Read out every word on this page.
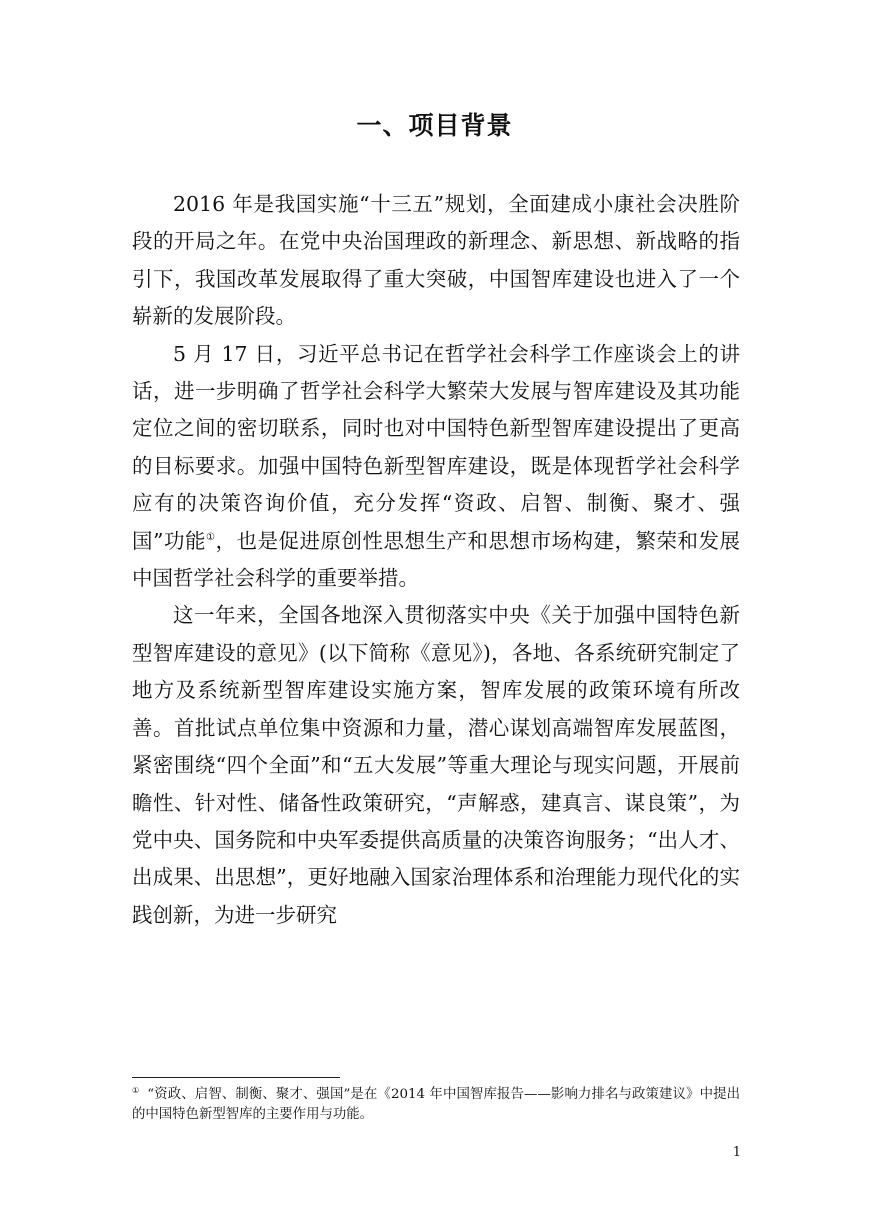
一、项目背景

2016 年是我国实施“十三五”规划，全面建成小康社会决胜阶段的开局之年。在党中央治国理政的新理念、新思想、新战略的指引下，我国改革发展取得了重大突破，中国智库建设也进入了一个崭新的发展阶段。

5 月 17 日，习近平总书记在哲学社会科学工作座谈会上的讲话，进一步明确了哲学社会科学大繁荣大发展与智库建设及其功能定位之间的密切联系，同时也对中国特色新型智库建设提出了更高的目标要求。加强中国特色新型智库建设，既是体现哲学社会科学应有的决策咨询价值，充分发挥“资政、启智、制衡、聚才、强国”功能①，也是促进原创性思想生产和思想市场构建，繁荣和发展中国哲学社会科学的重要举措。

这一年来，全国各地深入贯彻落实中央《关于加强中国特色新型智库建设的意见》(以下简称《意见》)，各地、各系统研究制定了地方及系统新型智库建设实施方案，智库发展的政策环境有所改善。首批试点单位集中资源和力量，潜心谋划高端智库发展蓝图，紧密围绕“四个全面”和“五大发展”等重大理论与现实问题，开展前瞻性、针对性、储备性政策研究，“声解惑，建真言、谋良策”，为党中央、国务院和中央军委提供高质量的决策咨询服务；“出人才、出成果、出思想”，更好地融入国家治理体系和治理能力现代化的实践创新，为进一步研究

① “资政、启智、制衡、聚才、强国”是在《2014 年中国智库报告——影响力排名与政策建议》中提出的中国特色新型智库的主要作用与功能。
1
